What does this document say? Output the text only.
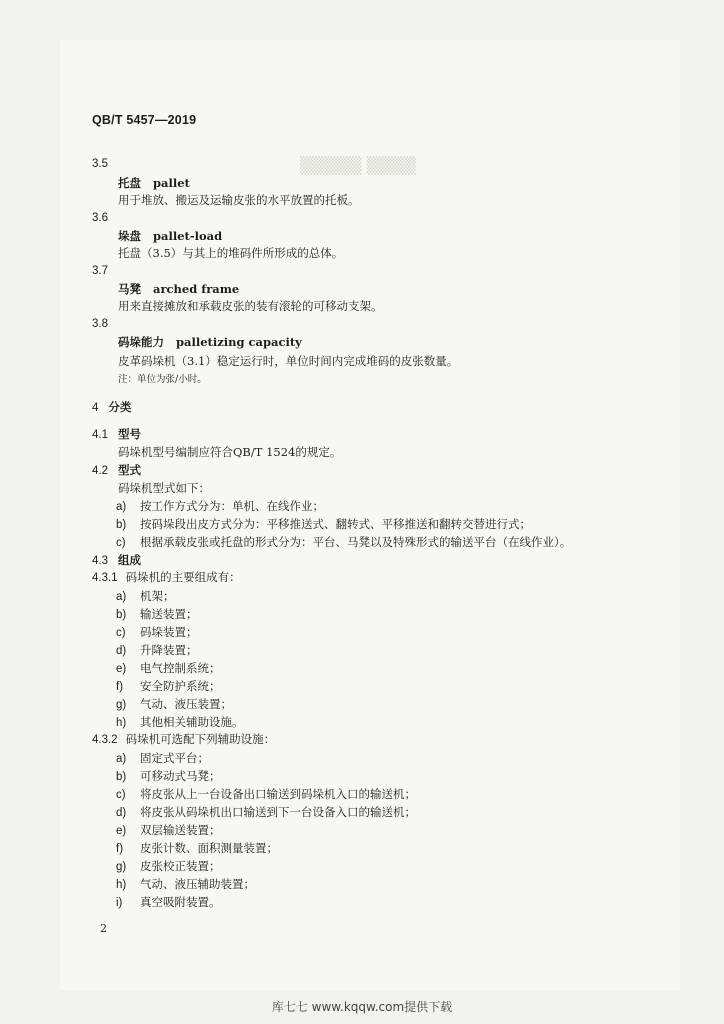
▒▒▒▒▒ ▒▒▒▒
QB/T 5457—2019
3.5
托盘 pallet
用于堆放、搬运及运输皮张的水平放置的托板。
3.6
垛盘 pallet-load
托盘（3.5）与其上的堆码件所形成的总体。
3.7
马凳 arched frame
用来直接摊放和承载皮张的装有滚轮的可移动支架。
3.8
码垛能力 palletizing capacity
皮革码垛机（3.1）稳定运行时，单位时间内完成堆码的皮张数量。
注：单位为张/小时。
4 分类
4.1 型号
码垛机型号编制应符合QB/T 1524的规定。
4.2 型式
码垛机型式如下：
a) 按工作方式分为：单机、在线作业；
b) 按码垛段出皮方式分为：平移推送式、翻转式、平移推送和翻转交替进行式；
c) 根据承载皮张或托盘的形式分为：平台、马凳以及特殊形式的输送平台（在线作业）。
4.3 组成
4.3.1 码垛机的主要组成有：
a) 机架；
b) 输送装置；
c) 码垛装置；
d) 升降装置；
e) 电气控制系统；
f) 安全防护系统；
g) 气动、液压装置；
h) 其他相关辅助设施。
4.3.2 码垛机可选配下列辅助设施：
a) 固定式平台；
b) 可移动式马凳；
c) 将皮张从上一台设备出口输送到码垛机入口的输送机；
d) 将皮张从码垛机出口输送到下一台设备入口的输送机；
e) 双层输送装置；
f) 皮张计数、面积测量装置；
g) 皮张校正装置；
h) 气动、液压辅助装置；
i) 真空吸附装置。
2
库七七 www.kqqw.com提供下载
